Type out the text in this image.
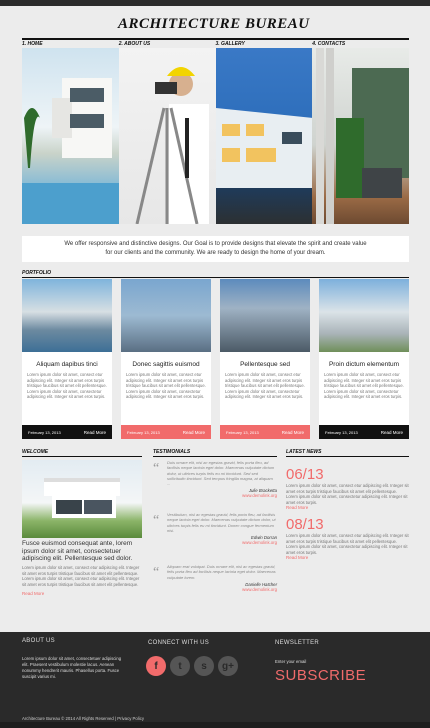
ARCHITECTURE BUREAU
1. HOME	2. ABOUT US	3. GALLERY	4. CONTACTS
We offer responsive and distinctive designs. Our Goal is to provide designs that elevate the spirit and create value
for our clients and the community. We are ready to design the home of your dream.
PORTFOLIO
Aliquam dapibus tinci
Lorem ipsum dolor sit amet, consect etur adipiscing elit. Integer sit amet eros turpis tristique faucibus sit amet elit pellentesque. Lorem ipsum dolor sit amet, consectetur adipiscing elit. Integer sit amet eros turpis.
February 13, 2013	Read More
Donec sagittis euismod
Lorem ipsum dolor sit amet, consect etur adipiscing elit. Integer sit amet eros turpis tristique faucibus sit amet elit pellentesque. Lorem ipsum dolor sit amet, consectetur adipiscing elit. Integer sit amet eros turpis.
February 13, 2013	Read More
Pellentesque sed
Lorem ipsum dolor sit amet, consect etur adipiscing elit. Integer sit amet eros turpis tristique faucibus sit amet elit pellentesque. Lorem ipsum dolor sit amet, consectetur adipiscing elit. Integer sit amet eros turpis.
February 13, 2013	Read More
Proin dictum elementum
Lorem ipsum dolor sit amet, consect etur adipiscing elit. Integer sit amet eros turpis tristique faucibus sit amet elit pellentesque. Lorem ipsum dolor sit amet, consectetur adipiscing elit. Integer sit amet eros turpis.
February 13, 2013	Read More
WELCOME
Fusce euismod consequat ante, lorem ipsum dolor sit amet, consectetuer adipiscing elit. Pellentesque sed dolor.
Lorem ipsum dolor sit amet, consect etur adipiscing elit. Integer sit amet eros turpis tristique faucibus sit amet elit pellentesque. Lorem ipsum dolor sit amet, consect etur adipiscing elit. Integer sit amet eros turpis tristique faucibus sit amet elit pellentesque.
Read More
TESTIMONIALS
“ Duis ornare elit, nisl ac egestas gravid, felis porta fleu, ad facilisis neque lacinia eget dolor. Maecenas vulputate dictum dolor, ut ultrices turpis felis eu mi tincidunt. Sed sed sollicitudin tincidunt. Sed tempus fringilla magna, at aliquam ...
Julie Bracketta
www.demolink.org
“ Vestibulum, nisl ac egestas gravid, felis porta fleu, ad facilisis neque lacinia eget dolor. Maecenas vulputate dictum dolor, ut ultrices turpis felis eu mi tincidunt. Donec congue fermentum nisi.
Edwin Dorran
www.demolink.org
“ Aliquam erat volutpat. Duis ornare elit, nisl ac egestas gravid, felis porta fleu ad facilisis neque lacinia eget dolor. Maecenas vulputate lorem.
Danielle Hatcher
www.demolink.org
LATEST NEWS
06/13
Lorem ipsum dolor sit amet, consect etur adipiscing elit. Integer sit amet eros turpis tristique faucibus sit amet elit pellentesque. Lorem ipsum dolor sit amet, consectetur adipiscing elit. Integer sit amet eros turpis.
Read More
08/13
Lorem ipsum dolor sit amet, consect etur adipiscing elit. Integer sit amet eros turpis tristique faucibus sit amet elit pellentesque. Lorem ipsum dolor sit amet, consectetur adipiscing elit. Integer sit amet eros turpis.
Read More
ABOUT US
Lorem ipsum dolor sit amet, consectetuer adipiscing elit. Praesent vestibulum molestie lacus. Aenean nonummy hendrerit mauris. Phasellus porta. Fusce suscipit varius mi.
CONNECT WITH US
f	t	s	g+
NEWSLETTER
Enter your email
SUBSCRIBE
Architecture Bureau © 2014 All Rights Reserved | Privacy Policy
